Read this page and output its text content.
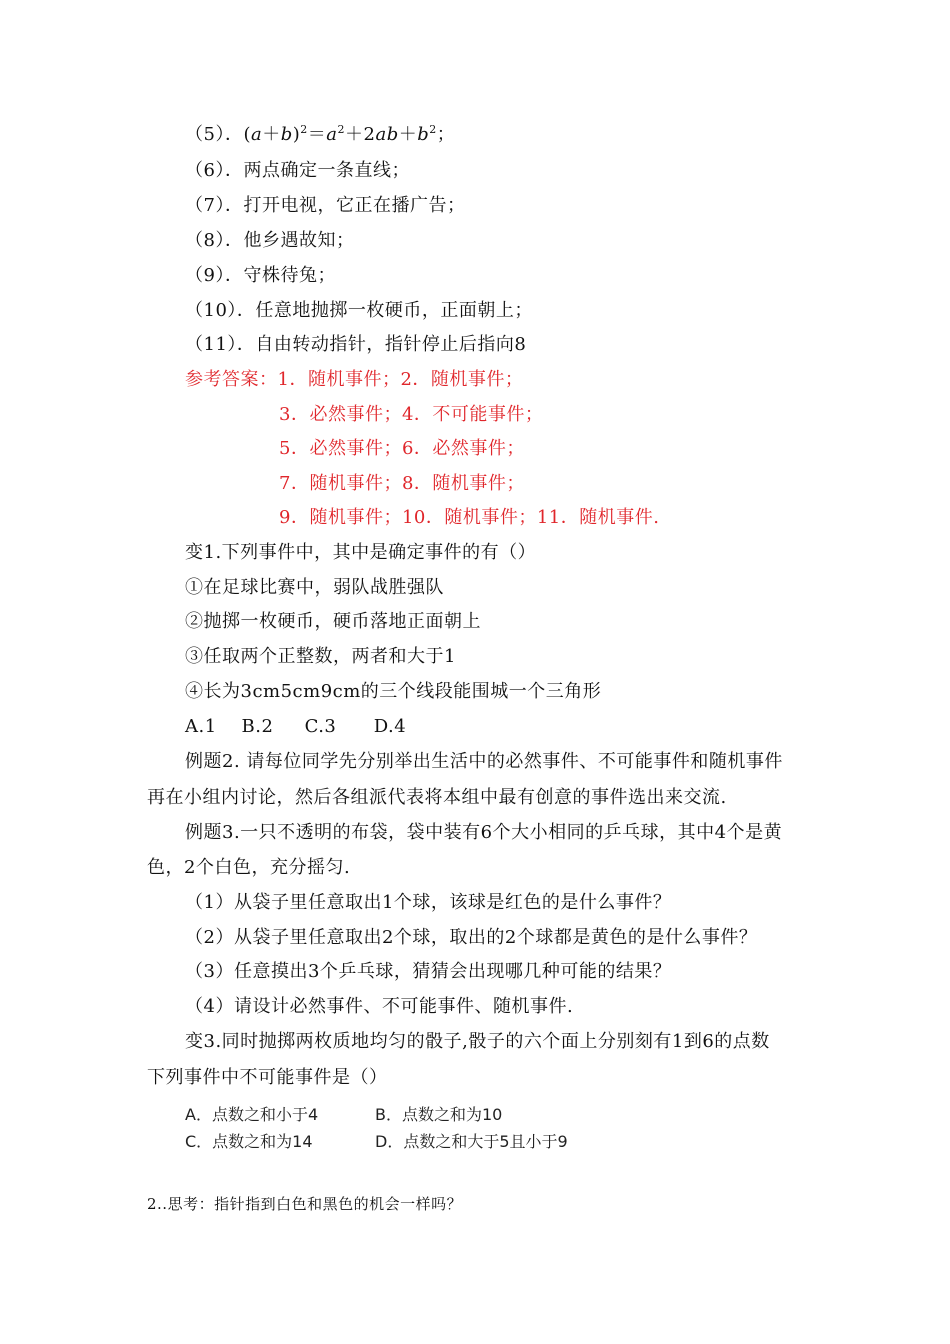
（5）．$(a+b)^2=a^2+2ab+b^2$；
（6）．两点确定一条直线；
（7）．打开电视，它正在播广告；
（8）．他乡遇故知；
（9）．守株待兔；
（10）．任意地抛掷一枚硬币，正面朝上；
（11）．自由转动指针，指针停止后指向8
参考答案：1．随机事件；2．随机事件；
3．必然事件；4．不可能事件；
5．必然事件；6．必然事件；
7．随机事件；8．随机事件；
9．随机事件；10．随机事件；11．随机事件.
变1.下列事件中，其中是确定事件的有（）
①在足球比赛中，弱队战胜强队
②抛掷一枚硬币，硬币落地正面朝上
③任取两个正整数，两者和大于1
④长为3cm5cm9cm的三个线段能围城一个三角形
A.1    B.2     C.3      D.4
例题2. 请每位同学先分别举出生活中的必然事件、不可能事件和随机事件
再在小组内讨论，然后各组派代表将本组中最有创意的事件选出来交流.
例题3.一只不透明的布袋，袋中装有6个大小相同的乒乓球，其中4个是黄
色，2个白色，充分摇匀.
（1）从袋子里任意取出1个球，该球是红色的是什么事件？
（2）从袋子里任意取出2个球，取出的2个球都是黄色的是什么事件？
（3）任意摸出3个乒乓球，猜猜会出现哪几种可能的结果？
（4）请设计必然事件、不可能事件、随机事件.
变3.同时抛掷两枚质地均匀的骰子,骰子的六个面上分别刻有1到6的点数
下列事件中不可能事件是（）
A．点数之和小于4	B．点数之和为10
C．点数之和为14	D．点数之和大于5且小于9
2..思考：指针指到白色和黑色的机会一样吗？
